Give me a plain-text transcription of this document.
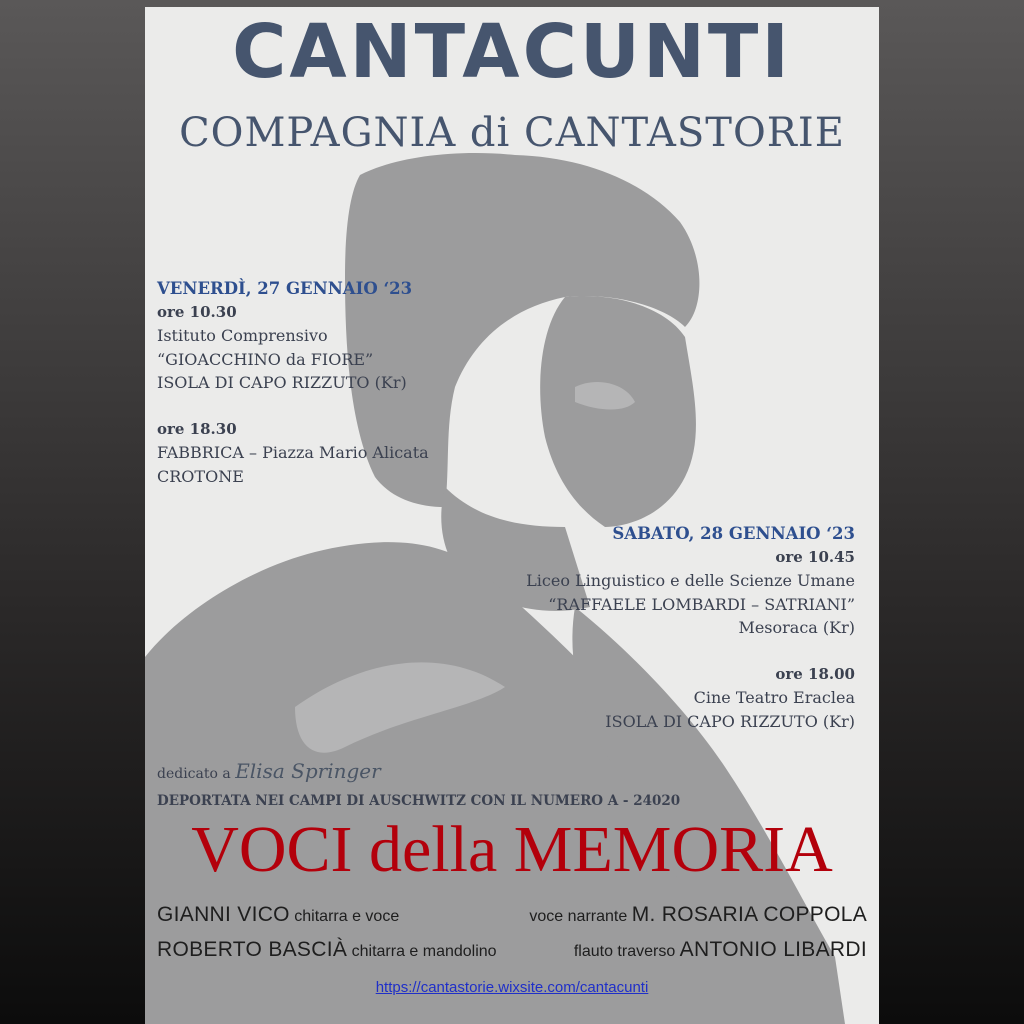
CANTACUNTI
COMPAGNIA di CANTASTORIE
VENERDÌ, 27 GENNAIO ‘23
ore 10.30
Istituto Comprensivo
“GIOACCHINO da FIORE”
ISOLA DI CAPO RIZZUTO (Kr)
ore 18.30
FABBRICA – Piazza Mario Alicata
CROTONE
SABATO, 28 GENNAIO ‘23
ore 10.45
Liceo Linguistico e delle Scienze Umane
“RAFFAELE LOMBARDI – SATRIANI”
Mesoraca (Kr)
ore 18.00
Cine Teatro Eraclea
ISOLA DI CAPO RIZZUTO (Kr)
dedicato a Elisa Springer
DEPORTATA NEI CAMPI DI AUSCHWITZ CON IL NUMERO A - 24020
VOCI della MEMORIA
GIANNI VICO chitarra e voce
ROBERTO BASCIÀ chitarra e mandolino
voce narrante M. ROSARIA COPPOLA
flauto traverso ANTONIO LIBARDI
https://cantastorie.wixsite.com/cantacunti
